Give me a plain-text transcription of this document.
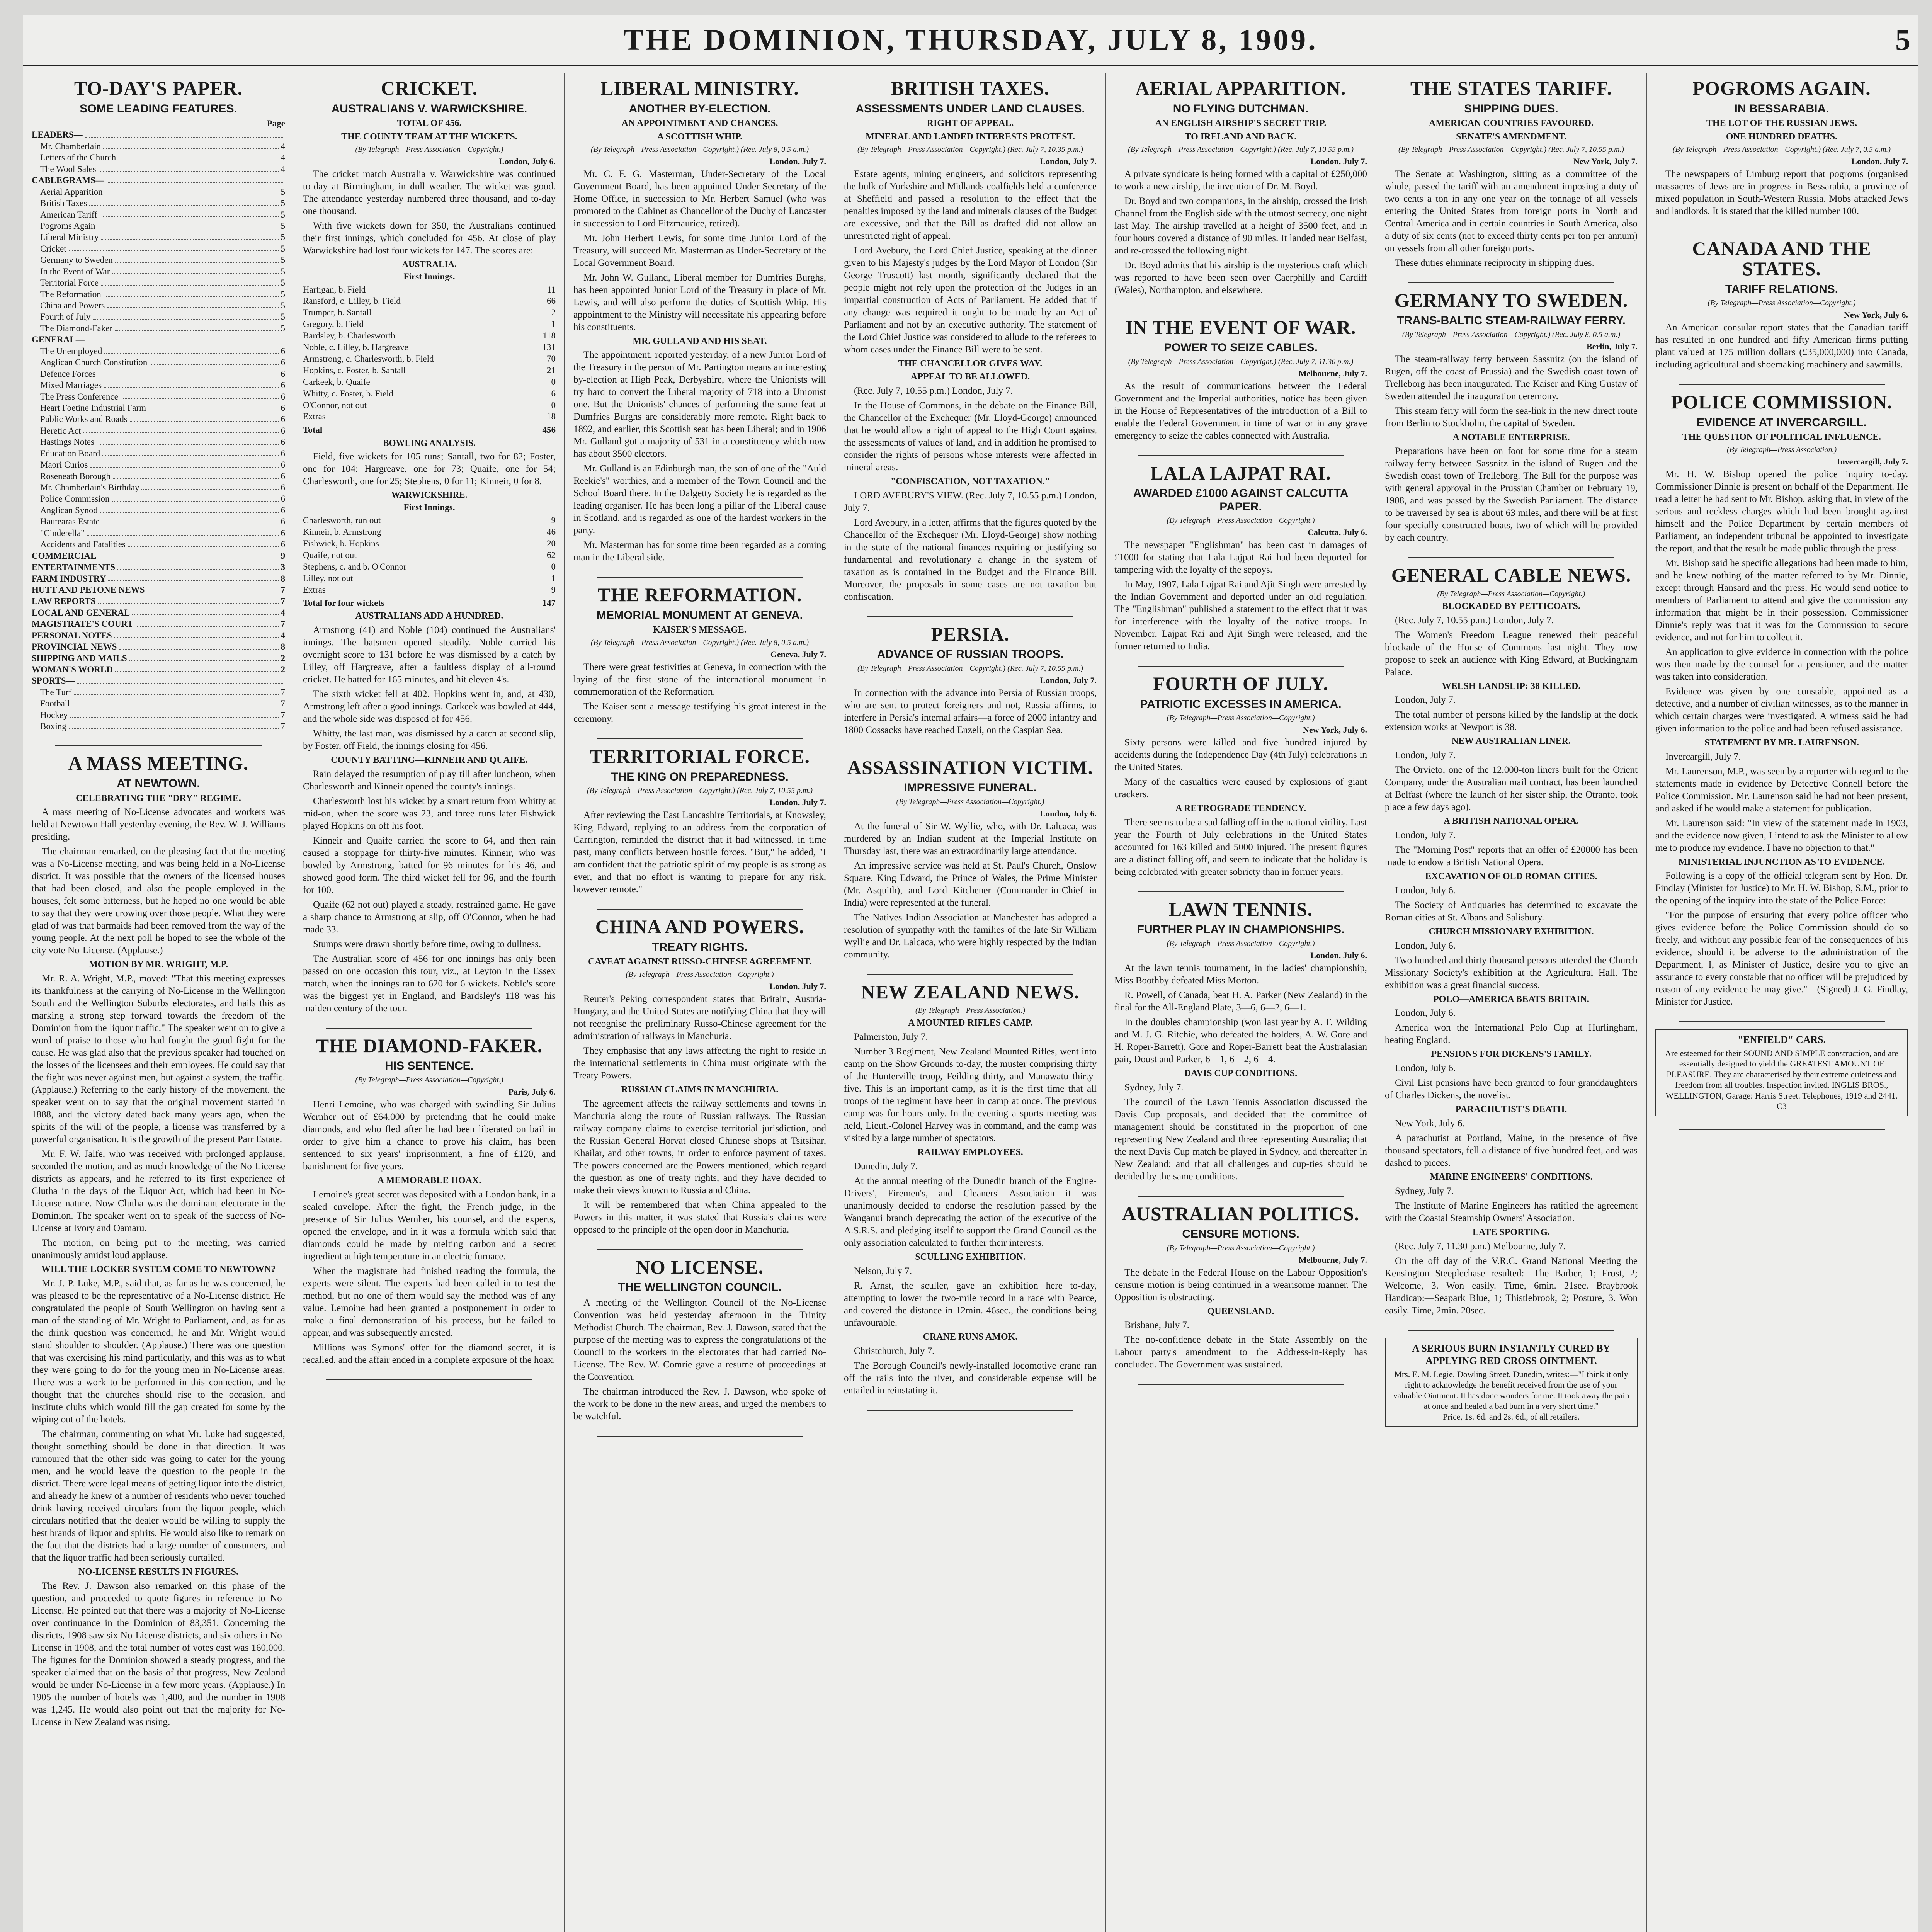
THE DOMINION, THURSDAY, JULY 8, 1909.	5
TO-DAY'S PAPER.
SOME LEADING FEATURES.
Page
LEADERS—
Mr. Chamberlain	4
Letters of the Church	4
The Wool Sales	4
CABLEGRAMS—
Aerial Apparition	5
British Taxes	5
American Tariff	5
Pogroms Again	5
Liberal Ministry	5
Cricket	5
Germany to Sweden	5
In the Event of War	5
Territorial Force	5
The Reformation	5
China and Powers	5
Fourth of July	5
The Diamond-Faker	5
GENERAL—
The Unemployed	6
Anglican Church Constitution	6
Defence Forces	6
Mixed Marriages	6
The Press Conference	6
Heart Foetine Industrial Farm	6
Public Works and Roads	6
Heretic Act	6
Hastings Notes	6
Education Board	6
Maori Curios	6
Roseneath Borough	6
Mr. Chamberlain's Birthday	6
Police Commission	6
Anglican Synod	6
Hautearas Estate	6
"Cinderella"	6
Accidents and Fatalities	6
COMMERCIAL	9
ENTERTAINMENTS	3
FARM INDUSTRY	8
HUTT AND PETONE NEWS	7
LAW REPORTS	7
LOCAL AND GENERAL	4
MAGISTRATE'S COURT	7
PERSONAL NOTES	4
PROVINCIAL NEWS	8
SHIPPING AND MAILS	2
WOMAN'S WORLD	2
SPORTS—
The Turf	7
Football	7
Hockey	7
Boxing	7
A MASS MEETING.
AT NEWTOWN.
CELEBRATING THE "DRY" REGIME.

A mass meeting of No-License advocates and workers was held at Newtown Hall yesterday evening, the Rev. W. J. Williams presiding.

The chairman remarked, on the pleasing fact that the meeting was a No-License meeting, and was being held in a No-License district. It was possible that the owners of the licensed houses that had been closed, and also the people employed in the houses, felt some bitterness, but he hoped no one would be able to say that they were crowing over those people. What they were glad of was that barmaids had been removed from the way of the young people. At the next poll he hoped to see the whole of the city vote No-License. (Applause.)

MOTION BY MR. WRIGHT, M.P.

Mr. R. A. Wright, M.P., moved: "That this meeting expresses its thankfulness at the carrying of No-License in the Wellington South and the Wellington Suburbs electorates, and hails this as marking a strong step forward towards the freedom of the Dominion from the liquor traffic." The speaker went on to give a word of praise to those who had fought the good fight for the cause. He was glad also that the previous speaker had touched on the losses of the licensees and their employees. He could say that the fight was never against men, but against a system, the traffic. (Applause.) Referring to the early history of the movement, the speaker went on to say that the original movement started in 1888, and the victory dated back many years ago, when the spirits of the will of the people, a license was transferred by a powerful organisation. It is the growth of the present Parr Estate.

Mr. F. W. Jalfe, who was received with prolonged applause, seconded the motion, and as much knowledge of the No-License districts as appears, and he referred to its first experience of Clutha in the days of the Liquor Act, which had been in No-License nature. Now Clutha was the dominant electorate in the Dominion. The speaker went on to speak of the success of No-License at Ivory and Oamaru.

The motion, on being put to the meeting, was carried unanimously amidst loud applause.

WILL THE LOCKER SYSTEM COME TO NEWTOWN?

Mr. J. P. Luke, M.P., said that, as far as he was concerned, he was pleased to be the representative of a No-License district. He congratulated the people of South Wellington on having sent a man of the standing of Mr. Wright to Parliament, and, as far as the drink question was concerned, he and Mr. Wright would stand shoulder to shoulder. (Applause.) There was one question that was exercising his mind particularly, and this was as to what they were going to do for the young men in No-License areas. There was a work to be performed in this connection, and he thought that the churches should rise to the occasion, and institute clubs which would fill the gap created for some by the wiping out of the hotels.

The chairman, commenting on what Mr. Luke had suggested, thought something should be done in that direction. It was rumoured that the other side was going to cater for the young men, and he would leave the question to the people in the district. There were legal means of getting liquor into the district, and already he knew of a number of residents who never touched drink having received circulars from the liquor people, which circulars notified that the dealer would be willing to supply the best brands of liquor and spirits. He would also like to remark on the fact that the districts had a large number of consumers, and that the liquor traffic had been seriously curtailed.

NO-LICENSE RESULTS IN FIGURES.

The Rev. J. Dawson also remarked on this phase of the question, and proceeded to quote figures in reference to No-License. He pointed out that there was a majority of No-License over continuance in the Dominion of 83,351. Concerning the districts, 1908 saw six No-License districts, and six others in No-License in 1908, and the total number of votes cast was 160,000. The figures for the Dominion showed a steady progress, and the speaker claimed that on the basis of that progress, New Zealand would be under No-License in a few more years. (Applause.) In 1905 the number of hotels was 1,400, and the number in 1908 was 1,245. He would also point out that the majority for No-License in New Zealand was rising.

CRICKET.
AUSTRALIANS V. WARWICKSHIRE.
TOTAL OF 456.
THE COUNTY TEAM AT THE WICKETS.
(By Telegraph—Press Association—Copyright.)
London, July 6.

The cricket match Australia v. Warwickshire was continued to-day at Birmingham, in dull weather. The wicket was good. The attendance yesterday numbered three thousand, and to-day one thousand.

With five wickets down for 350, the Australians continued their first innings, which concluded for 456. At close of play Warwickshire had lost four wickets for 147. The scores are:

AUSTRALIA.
First Innings.
Hartigan, b. Field	11
Ransford, c. Lilley, b. Field	66
Trumper, b. Santall	2
Gregory, b. Field	1
Bardsley, b. Charlesworth	118
Noble, c. Lilley, b. Hargreave	131
Armstrong, c. Charlesworth, b. Field	70
Hopkins, c. Foster, b. Santall	21
Carkeek, b. Quaife	0
Whitty, c. Foster, b. Field	6
O'Connor, not out	0
Extras	18
Total	456
BOWLING ANALYSIS.

Field, five wickets for 105 runs; Santall, two for 82; Foster, one for 104; Hargreave, one for 73; Quaife, one for 54; Charlesworth, one for 25; Stephens, 0 for 11; Kinneir, 0 for 8.

WARWICKSHIRE.
First Innings.
Charlesworth, run out	9
Kinneir, b. Armstrong	46
Fishwick, b. Hopkins	20
Quaife, not out	62
Stephens, c. and b. O'Connor	0
Lilley, not out	1
Extras	9
Total for four wickets	147
AUSTRALIANS ADD A HUNDRED.

Armstrong (41) and Noble (104) continued the Australians' innings. The batsmen opened steadily. Noble carried his overnight score to 131 before he was dismissed by a catch by Lilley, off Hargreave, after a faultless display of all-round cricket. He batted for 165 minutes, and hit eleven 4's.

The sixth wicket fell at 402. Hopkins went in, and, at 430, Armstrong left after a good innings. Carkeek was bowled at 444, and the whole side was disposed of for 456.

Whitty, the last man, was dismissed by a catch at second slip, by Foster, off Field, the innings closing for 456.

COUNTY BATTING—KINNEIR AND QUAIFE.

Rain delayed the resumption of play till after luncheon, when Charlesworth and Kinneir opened the county's innings.

Charlesworth lost his wicket by a smart return from Whitty at mid-on, when the score was 23, and three runs later Fishwick played Hopkins on off his foot.

Kinneir and Quaife carried the score to 64, and then rain caused a stoppage for thirty-five minutes. Kinneir, who was bowled by Armstrong, batted for 96 minutes for his 46, and showed good form. The third wicket fell for 96, and the fourth for 100.

Quaife (62 not out) played a steady, restrained game. He gave a sharp chance to Armstrong at slip, off O'Connor, when he had made 33.

Stumps were drawn shortly before time, owing to dullness.

The Australian score of 456 for one innings has only been passed on one occasion this tour, viz., at Leyton in the Essex match, when the innings ran to 620 for 6 wickets. Noble's score was the biggest yet in England, and Bardsley's 118 was his maiden century of the tour.

THE DIAMOND-FAKER.
HIS SENTENCE.
(By Telegraph—Press Association—Copyright.)
Paris, July 6.

Henri Lemoine, who was charged with swindling Sir Julius Wernher out of £64,000 by pretending that he could make diamonds, and who fled after he had been liberated on bail in order to give him a chance to prove his claim, has been sentenced to six years' imprisonment, a fine of £120, and banishment for five years.

A MEMORABLE HOAX.

Lemoine's great secret was deposited with a London bank, in a sealed envelope. After the fight, the French judge, in the presence of Sir Julius Wernher, his counsel, and the experts, opened the envelope, and in it was a formula which said that diamonds could be made by melting carbon and a secret ingredient at high temperature in an electric furnace.

When the magistrate had finished reading the formula, the experts were silent. The experts had been called in to test the method, but no one of them would say the method was of any value. Lemoine had been granted a postponement in order to make a final demonstration of his process, but he failed to appear, and was subsequently arrested.

Millions was Symons' offer for the diamond secret, it is recalled, and the affair ended in a complete exposure of the hoax.

LIBERAL MINISTRY.
ANOTHER BY-ELECTION.
AN APPOINTMENT AND CHANCES.
A SCOTTISH WHIP.
(By Telegraph—Press Association—Copyright.) (Rec. July 8, 0.5 a.m.)
London, July 7.

Mr. C. F. G. Masterman, Under-Secretary of the Local Government Board, has been appointed Under-Secretary of the Home Office, in succession to Mr. Herbert Samuel (who was promoted to the Cabinet as Chancellor of the Duchy of Lancaster in succession to Lord Fitzmaurice, retired).

Mr. John Herbert Lewis, for some time Junior Lord of the Treasury, will succeed Mr. Masterman as Under-Secretary of the Local Government Board.

Mr. John W. Gulland, Liberal member for Dumfries Burghs, has been appointed Junior Lord of the Treasury in place of Mr. Lewis, and will also perform the duties of Scottish Whip. His appointment to the Ministry will necessitate his appearing before his constituents.

MR. GULLAND AND HIS SEAT.

The appointment, reported yesterday, of a new Junior Lord of the Treasury in the person of Mr. Partington means an interesting by-election at High Peak, Derbyshire, where the Unionists will try hard to convert the Liberal majority of 718 into a Unionist one. But the Unionists' chances of performing the same feat at Dumfries Burghs are considerably more remote. Right back to 1892, and earlier, this Scottish seat has been Liberal; and in 1906 Mr. Gulland got a majority of 531 in a constituency which now has about 3500 electors.

Mr. Gulland is an Edinburgh man, the son of one of the "Auld Reekie's" worthies, and a member of the Town Council and the School Board there. In the Dalgetty Society he is regarded as the leading organiser. He has been long a pillar of the Liberal cause in Scotland, and is regarded as one of the hardest workers in the party.

Mr. Masterman has for some time been regarded as a coming man in the Liberal side.

THE REFORMATION.
MEMORIAL MONUMENT AT GENEVA.
KAISER'S MESSAGE.
(By Telegraph—Press Association—Copyright.) (Rec. July 8, 0.5 a.m.)
Geneva, July 7.

There were great festivities at Geneva, in connection with the laying of the first stone of the international monument in commemoration of the Reformation.

The Kaiser sent a message testifying his great interest in the ceremony.

TERRITORIAL FORCE.
THE KING ON PREPAREDNESS.
(By Telegraph—Press Association—Copyright.) (Rec. July 7, 10.55 p.m.)
London, July 7.

After reviewing the East Lancashire Territorials, at Knowsley, King Edward, replying to an address from the corporation of Carrington, reminded the district that it had witnessed, in time past, many conflicts between hostile forces. "But," he added, "I am confident that the patriotic spirit of my people is as strong as ever, and that no effort is wanting to prepare for any risk, however remote."

CHINA AND POWERS.
TREATY RIGHTS.
CAVEAT AGAINST RUSSO-CHINESE AGREEMENT.
(By Telegraph—Press Association—Copyright.)
London, July 7.

Reuter's Peking correspondent states that Britain, Austria-Hungary, and the United States are notifying China that they will not recognise the preliminary Russo-Chinese agreement for the administration of railways in Manchuria.

They emphasise that any laws affecting the right to reside in the international settlements in China must originate with the Treaty Powers.

RUSSIAN CLAIMS IN MANCHURIA.

The agreement affects the railway settlements and towns in Manchuria along the route of Russian railways. The Russian railway company claims to exercise territorial jurisdiction, and the Russian General Horvat closed Chinese shops at Tsitsihar, Khailar, and other towns, in order to enforce payment of taxes. The powers concerned are the Powers mentioned, which regard the question as one of treaty rights, and they have decided to make their views known to Russia and China.

It will be remembered that when China appealed to the Powers in this matter, it was stated that Russia's claims were opposed to the principle of the open door in Manchuria.

NO LICENSE.
THE WELLINGTON COUNCIL.

A meeting of the Wellington Council of the No-License Convention was held yesterday afternoon in the Trinity Methodist Church. The chairman, Rev. J. Dawson, stated that the purpose of the meeting was to express the congratulations of the Council to the workers in the electorates that had carried No-License. The Rev. W. Comrie gave a resume of proceedings at the Convention.

The chairman introduced the Rev. J. Dawson, who spoke of the work to be done in the new areas, and urged the members to be watchful.

BRITISH TAXES.
ASSESSMENTS UNDER LAND CLAUSES.
RIGHT OF APPEAL.
MINERAL AND LANDED INTERESTS PROTEST.
(By Telegraph—Press Association—Copyright.) (Rec. July 7, 10.35 p.m.)
London, July 7.

Estate agents, mining engineers, and solicitors representing the bulk of Yorkshire and Midlands coalfields held a conference at Sheffield and passed a resolution to the effect that the penalties imposed by the land and minerals clauses of the Budget are excessive, and that the Bill as drafted did not allow an unrestricted right of appeal.

Lord Avebury, the Lord Chief Justice, speaking at the dinner given to his Majesty's judges by the Lord Mayor of London (Sir George Truscott) last month, significantly declared that the people might not rely upon the protection of the Judges in an impartial construction of Acts of Parliament. He added that if any change was required it ought to be made by an Act of Parliament and not by an executive authority. The statement of the Lord Chief Justice was considered to allude to the referees to whom cases under the Finance Bill were to be sent.

THE CHANCELLOR GIVES WAY.
APPEAL TO BE ALLOWED.

(Rec. July 7, 10.55 p.m.) London, July 7.

In the House of Commons, in the debate on the Finance Bill, the Chancellor of the Exchequer (Mr. Lloyd-George) announced that he would allow a right of appeal to the High Court against the assessments of values of land, and in addition he promised to consider the rights of persons whose interests were affected in mineral areas.

"CONFISCATION, NOT TAXATION."

LORD AVEBURY'S VIEW. (Rec. July 7, 10.55 p.m.) London, July 7.

Lord Avebury, in a letter, affirms that the figures quoted by the Chancellor of the Exchequer (Mr. Lloyd-George) show nothing in the state of the national finances requiring or justifying so fundamental and revolutionary a change in the system of taxation as is contained in the Budget and the Finance Bill. Moreover, the proposals in some cases are not taxation but confiscation.

PERSIA.
ADVANCE OF RUSSIAN TROOPS.
(By Telegraph—Press Association—Copyright.) (Rec. July 7, 10.55 p.m.)
London, July 7.

In connection with the advance into Persia of Russian troops, who are sent to protect foreigners and not, Russia affirms, to interfere in Persia's internal affairs—a force of 2000 infantry and 1800 Cossacks have reached Enzeli, on the Caspian Sea.

ASSASSINATION VICTIM.
IMPRESSIVE FUNERAL.
(By Telegraph—Press Association—Copyright.)
London, July 6.

At the funeral of Sir W. Wyllie, who, with Dr. Lalcaca, was murdered by an Indian student at the Imperial Institute on Thursday last, there was an extraordinarily large attendance.

An impressive service was held at St. Paul's Church, Onslow Square. King Edward, the Prince of Wales, the Prime Minister (Mr. Asquith), and Lord Kitchener (Commander-in-Chief in India) were represented at the funeral.

The Natives Indian Association at Manchester has adopted a resolution of sympathy with the families of the late Sir William Wyllie and Dr. Lalcaca, who were highly respected by the Indian community.

NEW ZEALAND NEWS.
(By Telegraph—Press Association.)
A MOUNTED RIFLES CAMP.

Palmerston, July 7.

Number 3 Regiment, New Zealand Mounted Rifles, went into camp on the Show Grounds to-day, the muster comprising thirty of the Hunterville troop, Feilding thirty, and Manawatu thirty-five. This is an important camp, as it is the first time that all troops of the regiment have been in camp at once. The previous camp was for hours only. In the evening a sports meeting was held, Lieut.-Colonel Harvey was in command, and the camp was visited by a large number of spectators.

RAILWAY EMPLOYEES.

Dunedin, July 7.

At the annual meeting of the Dunedin branch of the Engine-Drivers', Firemen's, and Cleaners' Association it was unanimously decided to endorse the resolution passed by the Wanganui branch deprecating the action of the executive of the A.S.R.S. and pledging itself to support the Grand Council as the only association calculated to further their interests.

SCULLING EXHIBITION.

Nelson, July 7.

R. Arnst, the sculler, gave an exhibition here to-day, attempting to lower the two-mile record in a race with Pearce, and covered the distance in 12min. 46sec., the conditions being unfavourable.

CRANE RUNS AMOK.

Christchurch, July 7.

The Borough Council's newly-installed locomotive crane ran off the rails into the river, and considerable expense will be entailed in reinstating it.

AERIAL APPARITION.
NO FLYING DUTCHMAN.
AN ENGLISH AIRSHIP'S SECRET TRIP.
TO IRELAND AND BACK.
(By Telegraph—Press Association—Copyright.) (Rec. July 7, 10.55 p.m.)
London, July 7.

A private syndicate is being formed with a capital of £250,000 to work a new airship, the invention of Dr. M. Boyd.

Dr. Boyd and two companions, in the airship, crossed the Irish Channel from the English side with the utmost secrecy, one night last May. The airship travelled at a height of 3500 feet, and in four hours covered a distance of 90 miles. It landed near Belfast, and re-crossed the following night.

Dr. Boyd admits that his airship is the mysterious craft which was reported to have been seen over Caerphilly and Cardiff (Wales), Northampton, and elsewhere.

IN THE EVENT OF WAR.
POWER TO SEIZE CABLES.
(By Telegraph—Press Association—Copyright.) (Rec. July 7, 11.30 p.m.)
Melbourne, July 7.

As the result of communications between the Federal Government and the Imperial authorities, notice has been given in the House of Representatives of the introduction of a Bill to enable the Federal Government in time of war or in any grave emergency to seize the cables connected with Australia.

LALA LAJPAT RAI.
AWARDED £1000 AGAINST CALCUTTA PAPER.
(By Telegraph—Press Association—Copyright.)
Calcutta, July 6.

The newspaper "Englishman" has been cast in damages of £1000 for stating that Lala Lajpat Rai had been deported for tampering with the loyalty of the sepoys.

In May, 1907, Lala Lajpat Rai and Ajit Singh were arrested by the Indian Government and deported under an old regulation. The "Englishman" published a statement to the effect that it was for interference with the loyalty of the native troops. In November, Lajpat Rai and Ajit Singh were released, and the former returned to India.

FOURTH OF JULY.
PATRIOTIC EXCESSES IN AMERICA.
(By Telegraph—Press Association—Copyright.)
New York, July 6.

Sixty persons were killed and five hundred injured by accidents during the Independence Day (4th July) celebrations in the United States.

Many of the casualties were caused by explosions of giant crackers.

A RETROGRADE TENDENCY.

There seems to be a sad falling off in the national virility. Last year the Fourth of July celebrations in the United States accounted for 163 killed and 5000 injured. The present figures are a distinct falling off, and seem to indicate that the holiday is being celebrated with greater sobriety than in former years.

LAWN TENNIS.
FURTHER PLAY IN CHAMPIONSHIPS.
(By Telegraph—Press Association—Copyright.)
London, July 6.

At the lawn tennis tournament, in the ladies' championship, Miss Boothby defeated Miss Morton.

R. Powell, of Canada, beat H. A. Parker (New Zealand) in the final for the All-England Plate, 3—6, 6—2, 6—1.

In the doubles championship (won last year by A. F. Wilding and M. J. G. Ritchie, who defeated the holders, A. W. Gore and H. Roper-Barrett), Gore and Roper-Barrett beat the Australasian pair, Doust and Parker, 6—1, 6—2, 6—4.

DAVIS CUP CONDITIONS.

Sydney, July 7.

The council of the Lawn Tennis Association discussed the Davis Cup proposals, and decided that the committee of management should be constituted in the proportion of one representing New Zealand and three representing Australia; that the next Davis Cup match be played in Sydney, and thereafter in New Zealand; and that all challenges and cup-ties should be decided by the same conditions.

AUSTRALIAN POLITICS.
CENSURE MOTIONS.
(By Telegraph—Press Association—Copyright.)
Melbourne, July 7.

The debate in the Federal House on the Labour Opposition's censure motion is being continued in a wearisome manner. The Opposition is obstructing.

QUEENSLAND.

Brisbane, July 7.

The no-confidence debate in the State Assembly on the Labour party's amendment to the Address-in-Reply has concluded. The Government was sustained.

THE STATES TARIFF.
SHIPPING DUES.
AMERICAN COUNTRIES FAVOURED.
SENATE'S AMENDMENT.
(By Telegraph—Press Association—Copyright.) (Rec. July 7, 10.55 p.m.)
New York, July 7.

The Senate at Washington, sitting as a committee of the whole, passed the tariff with an amendment imposing a duty of two cents a ton in any one year on the tonnage of all vessels entering the United States from foreign ports in North and Central America and in certain countries in South America, also a duty of six cents (not to exceed thirty cents per ton per annum) on vessels from all other foreign ports.

These duties eliminate reciprocity in shipping dues.

GERMANY TO SWEDEN.
TRANS-BALTIC STEAM-RAILWAY FERRY.
(By Telegraph—Press Association—Copyright.) (Rec. July 8, 0.5 a.m.)
Berlin, July 7.

The steam-railway ferry between Sassnitz (on the island of Rugen, off the coast of Prussia) and the Swedish coast town of Trelleborg has been inaugurated. The Kaiser and King Gustav of Sweden attended the inauguration ceremony.

This steam ferry will form the sea-link in the new direct route from Berlin to Stockholm, the capital of Sweden.

A NOTABLE ENTERPRISE.

Preparations have been on foot for some time for a steam railway-ferry between Sassnitz in the island of Rugen and the Swedish coast town of Trelleborg. The Bill for the purpose was with general approval in the Prussian Chamber on February 19, 1908, and was passed by the Swedish Parliament. The distance to be traversed by sea is about 63 miles, and there will be at first four specially constructed boats, two of which will be provided by each country.

GENERAL CABLE NEWS.
(By Telegraph—Press Association—Copyright.)
BLOCKADED BY PETTICOATS.

(Rec. July 7, 10.55 p.m.) London, July 7.

The Women's Freedom League renewed their peaceful blockade of the House of Commons last night. They now propose to seek an audience with King Edward, at Buckingham Palace.

WELSH LANDSLIP: 38 KILLED.

London, July 7.

The total number of persons killed by the landslip at the dock extension works at Newport is 38.

NEW AUSTRALIAN LINER.

London, July 7.

The Orvieto, one of the 12,000-ton liners built for the Orient Company, under the Australian mail contract, has been launched at Belfast (where the launch of her sister ship, the Otranto, took place a few days ago).

A BRITISH NATIONAL OPERA.

London, July 7.

The "Morning Post" reports that an offer of £20000 has been made to endow a British National Opera.

EXCAVATION OF OLD ROMAN CITIES.

London, July 6.

The Society of Antiquaries has determined to excavate the Roman cities at St. Albans and Salisbury.

CHURCH MISSIONARY EXHIBITION.

London, July 6.

Two hundred and thirty thousand persons attended the Church Missionary Society's exhibition at the Agricultural Hall. The exhibition was a great financial success.

POLO—AMERICA BEATS BRITAIN.

London, July 6.

America won the International Polo Cup at Hurlingham, beating England.

PENSIONS FOR DICKENS'S FAMILY.

London, July 6.

Civil List pensions have been granted to four granddaughters of Charles Dickens, the novelist.

PARACHUTIST'S DEATH.

New York, July 6.

A parachutist at Portland, Maine, in the presence of five thousand spectators, fell a distance of five hundred feet, and was dashed to pieces.

MARINE ENGINEERS' CONDITIONS.

Sydney, July 7.

The Institute of Marine Engineers has ratified the agreement with the Coastal Steamship Owners' Association.

LATE SPORTING.

(Rec. July 7, 11.30 p.m.) Melbourne, July 7.

On the off day of the V.R.C. Grand National Meeting the Kensington Steeplechase resulted:—The Barber, 1; Frost, 2; Welcome, 3. Won easily. Time, 6min. 21sec. Braybrook Handicap:—Seapark Blue, 1; Thistlebrook, 2; Posture, 3. Won easily. Time, 2min. 20sec.

A SERIOUS BURN INSTANTLY CURED BY APPLYING RED CROSS OINTMENT.
Mrs. E. M. Legie, Dowling Street, Dunedin, writes:—"I think it only right to acknowledge the benefit received from the use of your valuable Ointment. It has done wonders for me. It took away the pain at once and healed a bad burn in a very short time."
Price, 1s. 6d. and 2s. 6d., of all retailers.
POGROMS AGAIN.
IN BESSARABIA.
THE LOT OF THE RUSSIAN JEWS.
ONE HUNDRED DEATHS.
(By Telegraph—Press Association—Copyright.) (Rec. July 7, 0.5 a.m.)
London, July 7.

The newspapers of Limburg report that pogroms (organised massacres of Jews are in progress in Bessarabia, a province of mixed population in South-Western Russia. Mobs attacked Jews and landlords. It is stated that the killed number 100.

CANADA AND THE STATES.
TARIFF RELATIONS.
(By Telegraph—Press Association—Copyright.)
New York, July 6.

An American consular report states that the Canadian tariff has resulted in one hundred and fifty American firms putting plant valued at 175 million dollars (£35,000,000) into Canada, including agricultural and shoemaking machinery and sawmills.

POLICE COMMISSION.
EVIDENCE AT INVERCARGILL.
THE QUESTION OF POLITICAL INFLUENCE.
(By Telegraph—Press Association.)
Invercargill, July 7.

Mr. H. W. Bishop opened the police inquiry to-day. Commissioner Dinnie is present on behalf of the Department. He read a letter he had sent to Mr. Bishop, asking that, in view of the serious and reckless charges which had been brought against himself and the Police Department by certain members of Parliament, an independent tribunal be appointed to investigate the report, and that the result be made public through the press.

Mr. Bishop said he specific allegations had been made to him, and he knew nothing of the matter referred to by Mr. Dinnie, except through Hansard and the press. He would send notice to members of Parliament to attend and give the commission any information that might be in their possession. Commissioner Dinnie's reply was that it was for the Commission to secure evidence, and not for him to collect it.

An application to give evidence in connection with the police was then made by the counsel for a pensioner, and the matter was taken into consideration.

Evidence was given by one constable, appointed as a detective, and a number of civilian witnesses, as to the manner in which certain charges were investigated. A witness said he had given information to the police and had been refused assistance.

STATEMENT BY MR. LAURENSON.

Invercargill, July 7.

Mr. Laurenson, M.P., was seen by a reporter with regard to the statements made in evidence by Detective Connell before the Police Commission. Mr. Laurenson said he had not been present, and asked if he would make a statement for publication.

Mr. Laurenson said: "In view of the statement made in 1903, and the evidence now given, I intend to ask the Minister to allow me to produce my evidence. I have no objection to that."

MINISTERIAL INJUNCTION AS TO EVIDENCE.

Following is a copy of the official telegram sent by Hon. Dr. Findlay (Minister for Justice) to Mr. H. W. Bishop, S.M., prior to the opening of the inquiry into the state of the Police Force:

"For the purpose of ensuring that every police officer who gives evidence before the Police Commission should do so freely, and without any possible fear of the consequences of his evidence, should it be adverse to the administration of the Department, I, as Minister of Justice, desire you to give an assurance to every constable that no officer will be prejudiced by reason of any evidence he may give."—(Signed) J. G. Findlay, Minister for Justice.

"ENFIELD" CARS.
Are esteemed for their SOUND AND SIMPLE construction, and are essentially designed to yield the GREATEST AMOUNT OF PLEASURE. They are characterised by their extreme quietness and freedom from all troubles. Inspection invited. INGLIS BROS., WELLINGTON, Garage: Harris Street. Telephones, 1919 and 2441.
C3
